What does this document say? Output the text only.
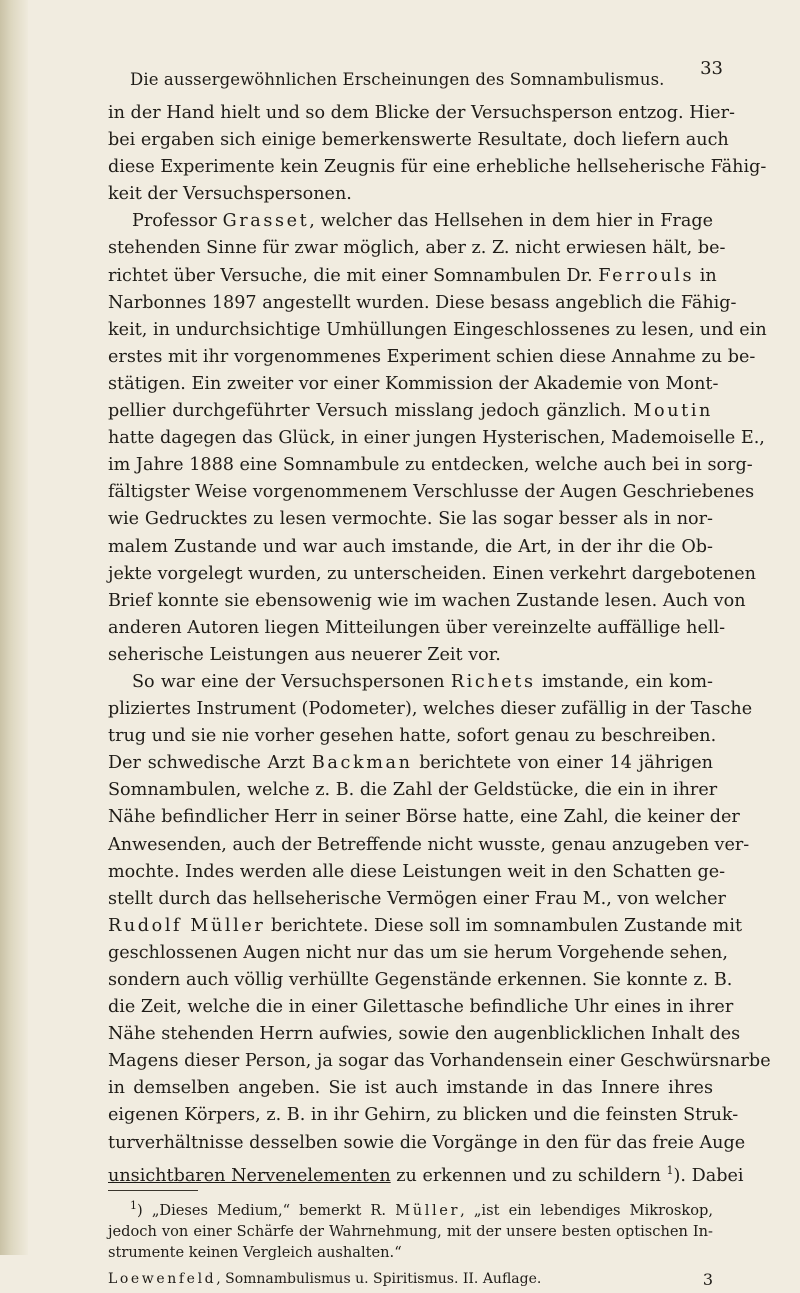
Die aussergewöhnlichen Erscheinungen des Somnambulismus.
33
in der Hand hielt und so dem Blicke der Versuchsperson entzog. Hier-
bei ergaben sich einige bemerkenswerte Resultate, doch liefern auch
diese Experimente kein Zeugnis für eine erhebliche hellseherische Fähig-
keit der Versuchspersonen.
Professor Grasset, welcher das Hellsehen in dem hier in Frage
stehenden Sinne für zwar möglich, aber z. Z. nicht erwiesen hält, be-
richtet über Versuche, die mit einer Somnambulen Dr. Ferrouls in
Narbonnes 1897 angestellt wurden. Diese besass angeblich die Fähig-
keit, in undurchsichtige Umhüllungen Eingeschlossenes zu lesen, und ein
erstes mit ihr vorgenommenes Experiment schien diese Annahme zu be-
stätigen. Ein zweiter vor einer Kommission der Akademie von Mont-
pellier durchgeführter Versuch misslang jedoch gänzlich. Moutin
hatte dagegen das Glück, in einer jungen Hysterischen, Mademoiselle E.,
im Jahre 1888 eine Somnambule zu entdecken, welche auch bei in sorg-
fältigster Weise vorgenommenem Verschlusse der Augen Geschriebenes
wie Gedrucktes zu lesen vermochte. Sie las sogar besser als in nor-
malem Zustande und war auch imstande, die Art, in der ihr die Ob-
jekte vorgelegt wurden, zu unterscheiden. Einen verkehrt dargebotenen
Brief konnte sie ebensowenig wie im wachen Zustande lesen. Auch von
anderen Autoren liegen Mitteilungen über vereinzelte auffällige hell-
seherische Leistungen aus neuerer Zeit vor.
So war eine der Versuchspersonen Richets imstande, ein kom-
pliziertes Instrument (Podometer), welches dieser zufällig in der Tasche
trug und sie nie vorher gesehen hatte, sofort genau zu beschreiben.
Der schwedische Arzt Backman berichtete von einer 14 jährigen
Somnambulen, welche z. B. die Zahl der Geldstücke, die ein in ihrer
Nähe befindlicher Herr in seiner Börse hatte, eine Zahl, die keiner der
Anwesenden, auch der Betreffende nicht wusste, genau anzugeben ver-
mochte. Indes werden alle diese Leistungen weit in den Schatten ge-
stellt durch das hellseherische Vermögen einer Frau M., von welcher
Rudolf Müller berichtete. Diese soll im somnambulen Zustande mit
geschlossenen Augen nicht nur das um sie herum Vorgehende sehen,
sondern auch völlig verhüllte Gegenstände erkennen. Sie konnte z. B.
die Zeit, welche die in einer Gilettasche befindliche Uhr eines in ihrer
Nähe stehenden Herrn aufwies, sowie den augenblicklichen Inhalt des
Magens dieser Person, ja sogar das Vorhandensein einer Geschwürsnarbe
in demselben angeben. Sie ist auch imstande in das Innere ihres
eigenen Körpers, z. B. in ihr Gehirn, zu blicken und die feinsten Struk-
turverhältnisse desselben sowie die Vorgänge in den für das freie Auge
unsichtbaren Nervenelementen zu erkennen und zu schildern $^1$). Dabei
$^1$) „Dieses Medium,“ bemerkt R. Müller, „ist ein lebendiges Mikroskop,
jedoch von einer Schärfe der Wahrnehmung, mit der unsere besten optischen In-
strumente keinen Vergleich aushalten.“
Loewenfeld, Somnambulismus u. Spiritismus. II. Auflage.	3
